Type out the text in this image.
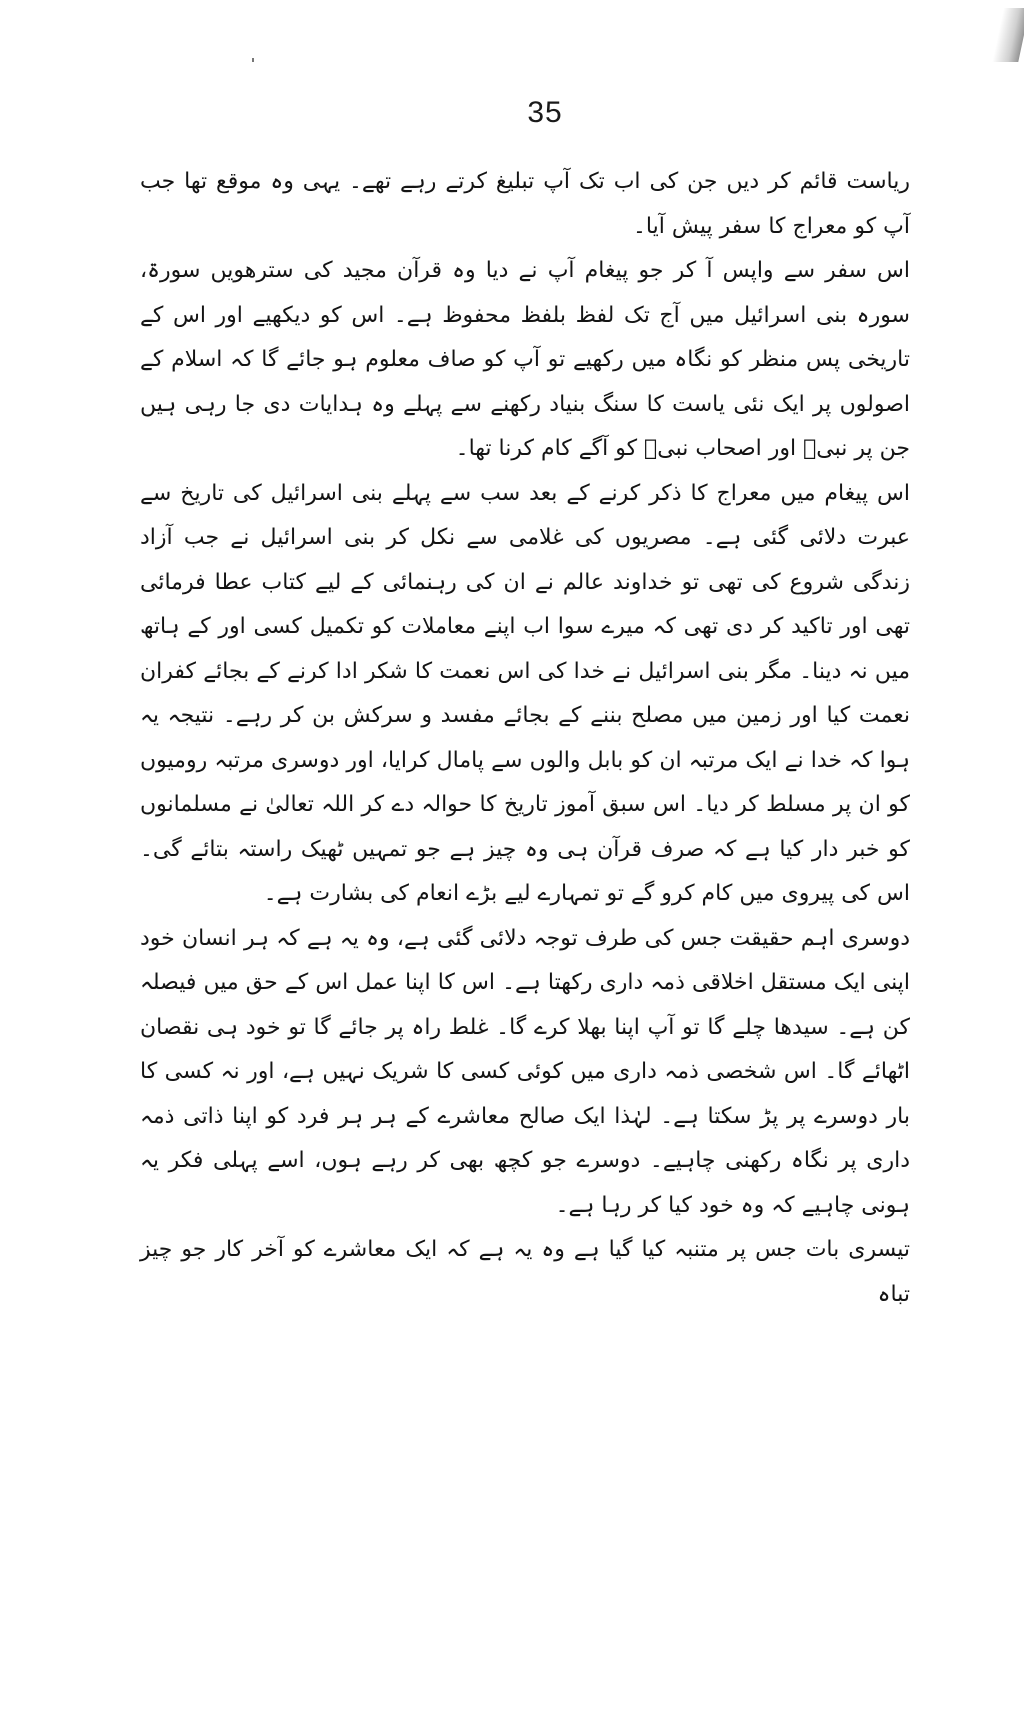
35

ریاست قائم کر دیں جن کی اب تک آپ تبلیغ کرتے رہے تھے۔ یہی وہ موقع تھا جب آپ کو معراج کا سفر پیش آیا۔

اس سفر سے واپس آ کر جو پیغام آپ نے دیا وہ قرآن مجید کی سترھویں سورۃ، سورہ بنی اسرائیل میں آج تک لفظ بلفظ محفوظ ہے۔ اس کو دیکھیے اور اس کے تاریخی پس منظر کو نگاہ میں رکھیے تو آپ کو صاف معلوم ہو جائے گا کہ اسلام کے اصولوں پر ایک نئی یاست کا سنگ بنیاد رکھنے سے پہلے وہ ہدایات دی جا رہی ہیں جن پر نبیؐ اور اصحاب نبیؐ کو آگے کام کرنا تھا۔

اس پیغام میں معراج کا ذکر کرنے کے بعد سب سے پہلے بنی اسرائیل کی تاریخ سے عبرت دلائی گئی ہے۔ مصریوں کی غلامی سے نکل کر بنی اسرائیل نے جب آزاد زندگی شروع کی تھی تو خداوند عالم نے ان کی رہنمائی کے لیے کتاب عطا فرمائی تھی اور تاکید کر دی تھی کہ میرے سوا اب اپنے معاملات کو تکمیل کسی اور کے ہاتھ میں نہ دینا۔ مگر بنی اسرائیل نے خدا کی اس نعمت کا شکر ادا کرنے کے بجائے کفران نعمت کیا اور زمین میں مصلح بننے کے بجائے مفسد و سرکش بن کر رہے۔ نتیجہ یہ ہوا کہ خدا نے ایک مرتبہ ان کو بابل والوں سے پامال کرایا، اور دوسری مرتبہ رومیوں کو ان پر مسلط کر دیا۔ اس سبق آموز تاریخ کا حوالہ دے کر اللہ تعالیٰ نے مسلمانوں کو خبر دار کیا ہے کہ صرف قرآن ہی وہ چیز ہے جو تمہیں ٹھیک راستہ بتائے گی۔ اس کی پیروی میں کام کرو گے تو تمہارے لیے بڑے انعام کی بشارت ہے۔

دوسری اہم حقیقت جس کی طرف توجہ دلائی گئی ہے، وہ یہ ہے کہ ہر انسان خود اپنی ایک مستقل اخلاقی ذمہ داری رکھتا ہے۔ اس کا اپنا عمل اس کے حق میں فیصلہ کن ہے۔ سیدھا چلے گا تو آپ اپنا بھلا کرے گا۔ غلط راہ پر جائے گا تو خود ہی نقصان اٹھائے گا۔ اس شخصی ذمہ داری میں کوئی کسی کا شریک نہیں ہے، اور نہ کسی کا بار دوسرے پر پڑ سکتا ہے۔ لہٰذا ایک صالح معاشرے کے ہر ہر فرد کو اپنا ذاتی ذمہ داری پر نگاہ رکھنی چاہیے۔ دوسرے جو کچھ بھی کر رہے ہوں، اسے پہلی فکر یہ ہونی چاہیے کہ وہ خود کیا کر رہا ہے۔

تیسری بات جس پر متنبہ کیا گیا ہے وہ یہ ہے کہ ایک معاشرے کو آخر کار جو چیز تباہ
